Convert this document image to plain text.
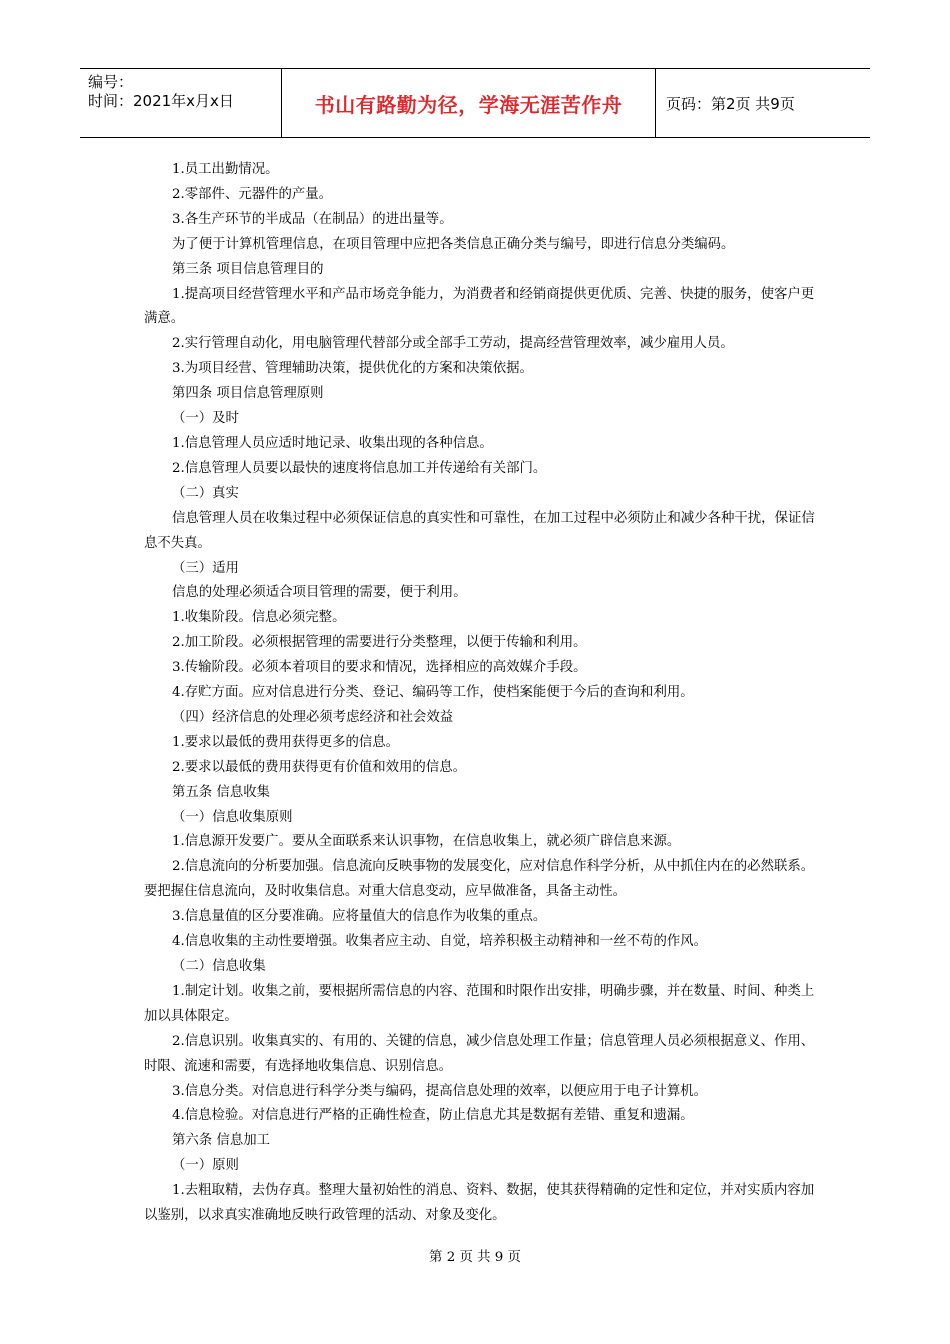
编号：
时间：2021年x月x日	书山有路勤为径，学海无涯苦作舟	页码：第2页 共9页

1.员工出勤情况。

2.零部件、元器件的产量。

3.各生产环节的半成品（在制品）的进出量等。

为了便于计算机管理信息，在项目管理中应把各类信息正确分类与编号，即进行信息分类编码。

第三条 项目信息管理目的

1.提高项目经营管理水平和产品市场竞争能力，为消费者和经销商提供更优质、完善、快捷的服务，使客户更满意。

2.实行管理自动化，用电脑管理代替部分或全部手工劳动，提高经营管理效率，减少雇用人员。

3.为项目经营、管理辅助决策，提供优化的方案和决策依据。

第四条 项目信息管理原则

（一）及时

1.信息管理人员应适时地记录、收集出现的各种信息。

2.信息管理人员要以最快的速度将信息加工并传递给有关部门。

（二）真实

信息管理人员在收集过程中必须保证信息的真实性和可靠性，在加工过程中必须防止和减少各种干扰，保证信息不失真。

（三）适用

信息的处理必须适合项目管理的需要，便于利用。

1.收集阶段。信息必须完整。

2.加工阶段。必须根据管理的需要进行分类整理，以便于传输和利用。

3.传输阶段。必须本着项目的要求和情况，选择相应的高效媒介手段。

4.存贮方面。应对信息进行分类、登记、编码等工作，使档案能便于今后的查询和利用。

（四）经济信息的处理必须考虑经济和社会效益

1.要求以最低的费用获得更多的信息。

2.要求以最低的费用获得更有价值和效用的信息。

第五条 信息收集

（一）信息收集原则

1.信息源开发要广。要从全面联系来认识事物，在信息收集上，就必须广辟信息来源。

2.信息流向的分析要加强。信息流向反映事物的发展变化，应对信息作科学分析，从中抓住内在的必然联系。要把握住信息流向，及时收集信息。对重大信息变动，应早做准备，具备主动性。

3.信息量值的区分要准确。应将量值大的信息作为收集的重点。

4.信息收集的主动性要增强。收集者应主动、自觉，培养积极主动精神和一丝不苟的作风。

（二）信息收集

1.制定计划。收集之前，要根据所需信息的内容、范围和时限作出安排，明确步骤，并在数量、时间、种类上加以具体限定。

2.信息识别。收集真实的、有用的、关键的信息，减少信息处理工作量；信息管理人员必须根据意义、作用、时限、流速和需要，有选择地收集信息、识别信息。

3.信息分类。对信息进行科学分类与编码，提高信息处理的效率，以便应用于电子计算机。

4.信息检验。对信息进行严格的正确性检查，防止信息尤其是数据有差错、重复和遗漏。

第六条 信息加工

（一）原则

1.去粗取精，去伪存真。整理大量初始性的消息、资料、数据，使其获得精确的定性和定位，并对实质内容加以鉴别，以求真实准确地反映行政管理的活动、对象及变化。

第 2 页 共 9 页
